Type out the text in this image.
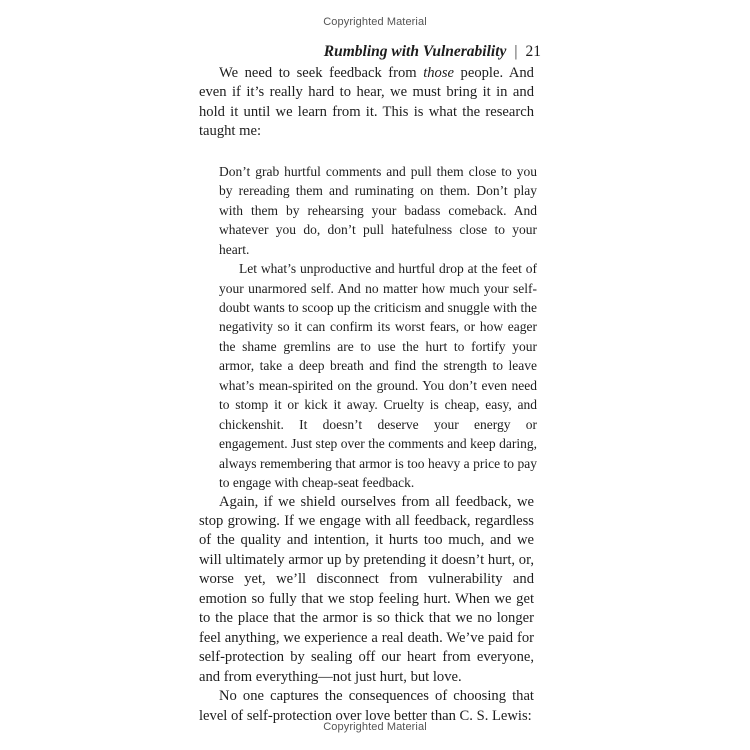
Copyrighted Material
Rumbling with Vulnerability | 21

We need to seek feedback from those people. And even if it’s really hard to hear, we must bring it in and hold it until we learn from it. This is what the research taught me:

Don’t grab hurtful comments and pull them close to you by rereading them and ruminating on them. Don’t play with them by rehearsing your badass comeback. And whatever you do, don’t pull hatefulness close to your heart.

Let what’s unproductive and hurtful drop at the feet of your unarmored self. And no matter how much your self-doubt wants to scoop up the criticism and snuggle with the negativity so it can confirm its worst fears, or how eager the shame gremlins are to use the hurt to fortify your armor, take a deep breath and find the strength to leave what’s mean-spirited on the ground. You don’t even need to stomp it or kick it away. Cruelty is cheap, easy, and chickenshit. It doesn’t deserve your energy or engagement. Just step over the comments and keep daring, always remembering that armor is too heavy a price to pay to engage with cheap-seat feedback.

Again, if we shield ourselves from all feedback, we stop growing. If we engage with all feedback, regardless of the quality and intention, it hurts too much, and we will ultimately armor up by pretending it doesn’t hurt, or, worse yet, we’ll disconnect from vulnerability and emotion so fully that we stop feeling hurt. When we get to the place that the armor is so thick that we no longer feel anything, we experience a real death. We’ve paid for self-protection by sealing off our heart from everyone, and from everything—not just hurt, but love.

No one captures the consequences of choosing that level of self-protection over love better than C. S. Lewis:

Copyrighted Material
